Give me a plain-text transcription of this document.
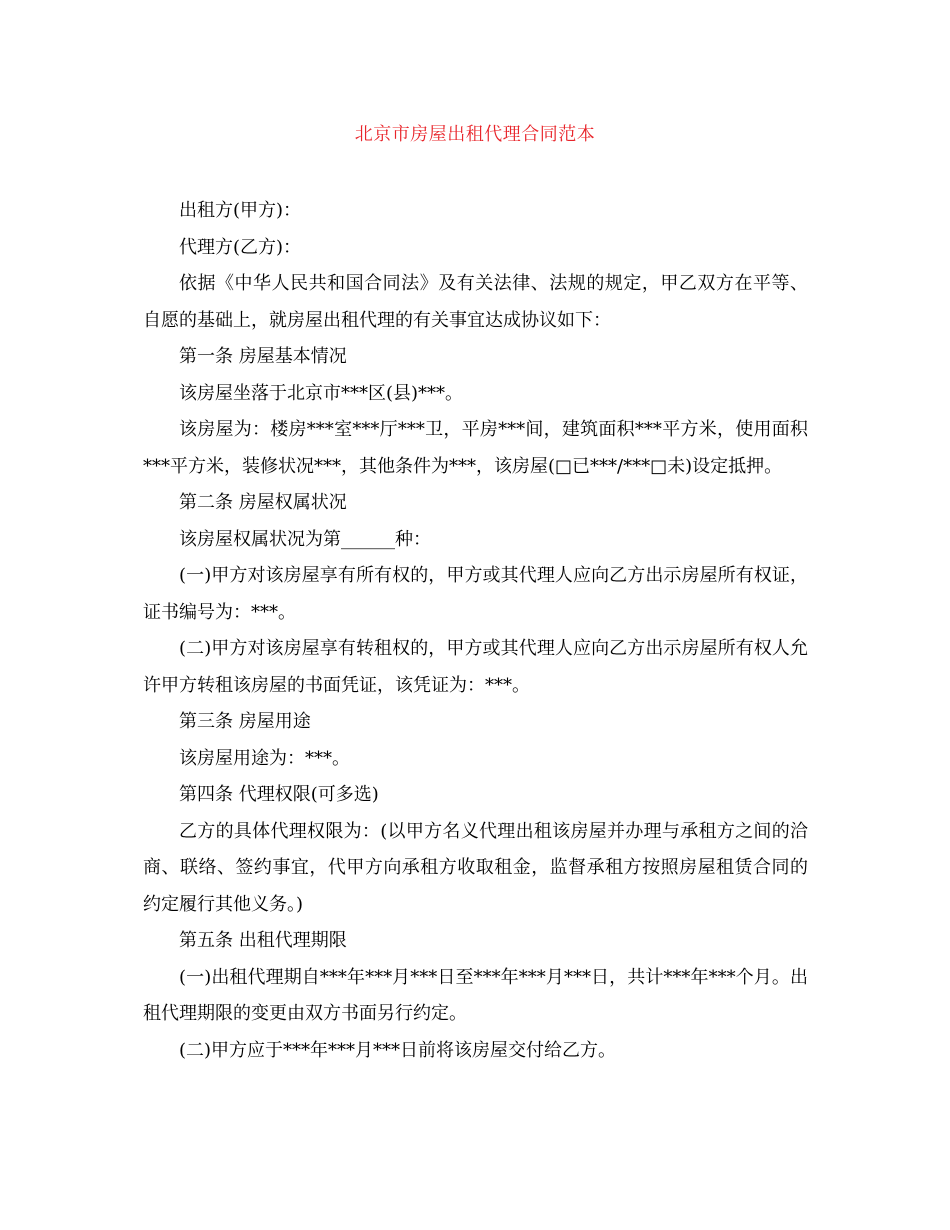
北京市房屋出租代理合同范本

出租方(甲方)：

代理方(乙方)：

依据《中华人民共和国合同法》及有关法律、法规的规定，甲乙双方在平等、自愿的基础上，就房屋出租代理的有关事宜达成协议如下：

第一条 房屋基本情况

该房屋坐落于北京市***区(县)***。

该房屋为：楼房***室***厅***卫，平房***间，建筑面积***平方米，使用面积***平方米，装修状况***，其他条件为***，该房屋(□已***/***□未)设定抵押。

第二条 房屋权属状况

该房屋权属状况为第______种：

(一)甲方对该房屋享有所有权的，甲方或其代理人应向乙方出示房屋所有权证，证书编号为：***。

(二)甲方对该房屋享有转租权的，甲方或其代理人应向乙方出示房屋所有权人允许甲方转租该房屋的书面凭证，该凭证为：***。

第三条 房屋用途

该房屋用途为：***。

第四条 代理权限(可多选)

乙方的具体代理权限为：(以甲方名义代理出租该房屋并办理与承租方之间的洽商、联络、签约事宜，代甲方向承租方收取租金，监督承租方按照房屋租赁合同的约定履行其他义务。)

第五条 出租代理期限

(一)出租代理期自***年***月***日至***年***月***日，共计***年***个月。出租代理期限的变更由双方书面另行约定。

(二)甲方应于***年***月***日前将该房屋交付给乙方。
